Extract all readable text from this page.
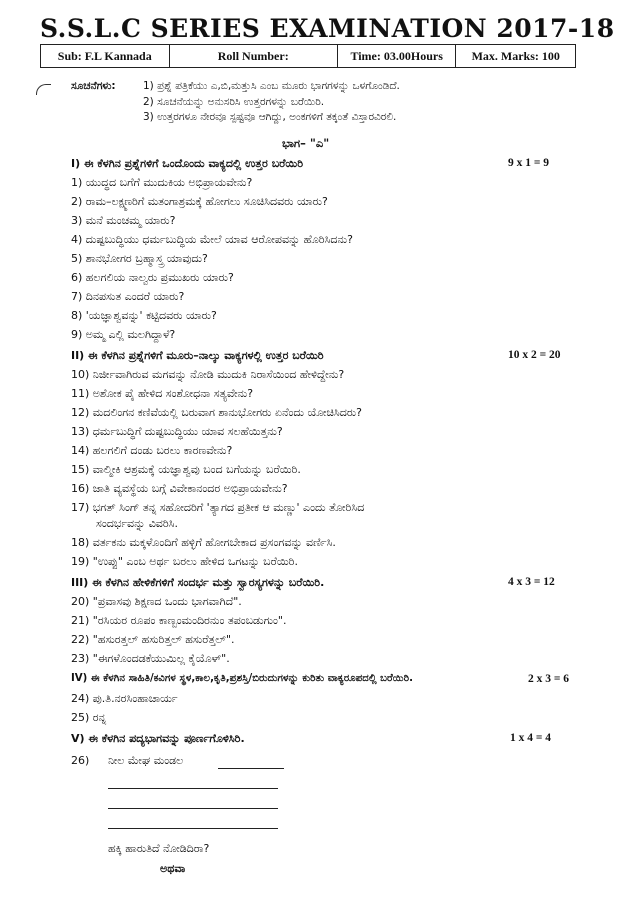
S.S.L.C SERIES EXAMINATION 2017-18
Sub: F.L Kannada	Roll Number:	Time: 03.00Hours	Max. Marks: 100
ಸೂಚನೆಗಳು:	1) ಪ್ರಶ್ನೆ ಪತ್ರಿಕೆಯು ಎ,ಬಿ,ಮತ್ತುಸಿ ಎಂಬ ಮೂರು ಭಾಗಗಳನ್ನು ಒಳಗೊಂಡಿದೆ.
2) ಸೂಚನೆಯನ್ನು ಅನುಸರಿಸಿ ಉತ್ತರಗಳನ್ನು ಬರೆಯಿರಿ.
3) ಉತ್ತರಗಳೂ ನೇರವೂ ಸ್ಪಷ್ಟವೂ ಆಗಿದ್ದು, ಅಂಕಗಳಿಗೆ ತಕ್ಕಂತೆ ವಿಸ್ತಾರವಿರಲಿ.
ಭಾಗ– "ಎ"
I) ಈ ಕೆಳಗಿನ ಪ್ರಶ್ನೆಗಳಿಗೆ ಒಂದೊಂದು ವಾಕ್ಯದಲ್ಲಿ ಉತ್ತರ ಬರೆಯಿರಿ	9 x 1 = 9
1) ಯುದ್ಧದ ಬಗೆಗೆ ಮುದುಕಿಯ ಅಭಿಪ್ರಾಯವೇನು?
2) ರಾಮ–ಲಕ್ಷ್ಮಣರಿಗೆ ಮತಂಗಾಶ್ರಮಕ್ಕೆ ಹೋಗಲು ಸೂಚಿಸಿದವರು ಯಾರು?
3) ಮನೆ ಮಂಚಮ್ಮ ಯಾರು?
4) ದುಷ್ಟಬುದ್ಧಿಯು ಧರ್ಮಬುದ್ಧಿಯ ಮೇಲೆ ಯಾವ ಆರೋಪವನ್ನು ಹೊರಿಸಿದನು?
5) ಶಾನಭೋಗರ ಬ್ರಹ್ಮಾಸ್ತ್ರ ಯಾವುದು?
6) ಹಲಗಲಿಯ ನಾಲ್ವರು ಪ್ರಮುಖರು ಯಾರು?
7) ದಿನಪಸುತ ಎಂದರೆ ಯಾರು?
8) 'ಯಜ್ಞಾಶ್ವವನ್ನು' ಕಟ್ಟಿದವರು ಯಾರು?
9) ಅಮ್ಮ ಎಲ್ಲಿ ಮಲಗಿದ್ದಾಳೆ?
II) ಈ ಕೆಳಗಿನ ಪ್ರಶ್ನೆಗಳಿಗೆ ಮೂರು–ನಾಲ್ಕು ವಾಕ್ಯಗಳಲ್ಲಿ ಉತ್ತರ ಬರೆಯಿರಿ	10 x 2 = 20
10) ನಿರ್ಜೀವಾಗಿರುವ ಮಗವನ್ನು ನೋಡಿ ಮುದುಕಿ ನಿರಾಸೆಯಿಂದ ಹೇಳಿದ್ದೇನು?
11) ಅಶೋಕ ಪೈ ಹೇಳಿದ ಸಂಶೋಧನಾ ಸತ್ಯವೇನು?
12) ಮದಲಿಂಗನ ಕಣಿವೆಯಲ್ಲಿ ಬರುವಾಗ ಶಾನುಭೋಗರು ಏನೆಂದು ಯೋಚಿಸಿದರು?
13) ಧರ್ಮಬುದ್ಧಿಗೆ ದುಷ್ಟಬುದ್ಧಿಯು ಯಾವ ಸಲಹೆಯಿತ್ತನು?
14) ಹಲಗಲಿಗೆ ದಂಡು ಬರಲು ಕಾರಣವೇನು?
15) ವಾಲ್ಮೀಕಿ ಆಶ್ರಮಕ್ಕೆ ಯಜ್ಞಾಶ್ವವು ಬಂದ ಬಗೆಯನ್ನು ಬರೆಯಿರಿ.
16) ಜಾತಿ ವ್ಯವಸ್ಥೆಯ ಬಗ್ಗೆ ವಿವೇಕಾನಂದರ ಅಭಿಪ್ರಾಯವೇನು?
17) ಭಗತ್ ಸಿಂಗ್ ತನ್ನ ಸಹೋದರಿಗೆ 'ತ್ಯಾಗದ ಪ್ರತೀಕ ಆ ಮಣ್ಣು' ಎಂದು ತೋರಿಸಿದ
ಸಂದರ್ಭವನ್ನು ವಿವರಿಸಿ.
18) ವರ್ತಕನು ಮಕ್ಕಳೊಂದಿಗೆ ಹಳ್ಳಿಗೆ ಹೋಗಬೇಕಾದ ಪ್ರಸಂಗವನ್ನು ವರ್ಣಿಸಿ.
19) "ಉಪ್ಪು" ಎಂಬ ಅರ್ಥ ಬರಲು ಹೇಳಿದ ಒಗಟನ್ನು ಬರೆಯಿರಿ.
III) ಈ ಕೆಳಗಿನ ಹೇಳಿಕೆಗಳಿಗೆ ಸಂದರ್ಭ ಮತ್ತು ಸ್ವಾರಸ್ಯಗಳನ್ನು ಬರೆಯಿರಿ.	4 x 3 = 12
20) "ಪ್ರವಾಸವು ಶಿಕ್ಷಣದ ಒಂದು ಭಾಗವಾಗಿದೆ".
21) "ರಸಿಯರ ರೂಪಂ ಕಾಣ್ಬಂಮಂದಿರನುಂ ತಪಂಬಡುಗುಂ".
22) "ಹಸುರತ್ತಲ್ ಹಸುರಿತ್ತಲ್ ಹಸುರೆತ್ತಲ್".
23) "ಈಗಳೊಂದಡಕೆಯುಮಿಲ್ಲ ಕೈಯೊಳ್".
IV) ಈ ಕೆಳಗಿನ ಸಾಹಿತಿ/ಕವಿಗಳ ಸ್ಥಳ,ಕಾಲ,ಕೃತಿ,ಪ್ರಶಸ್ತಿ/ಬಿರುದುಗಳನ್ನು ಕುರಿತು ವಾಕ್ಯರೂಪದಲ್ಲಿ ಬರೆಯಿರಿ.	2 x 3 = 6
24) ಪು.ತಿ.ನರಸಿಂಹಾಚಾರ್ಯ
25) ರನ್ನ
V) ಈ ಕೆಳಗಿನ ಪದ್ಯಭಾಗವನ್ನು ಪೂರ್ಣಗೊಳಿಸಿರಿ.	1 x 4 = 4
26) ನೀಲ ಮೇಘ ಮಂಡಲ
ಹಕ್ಕಿ ಹಾರುತಿದೆ ನೋಡಿದಿರಾ?
ಅಥವಾ
